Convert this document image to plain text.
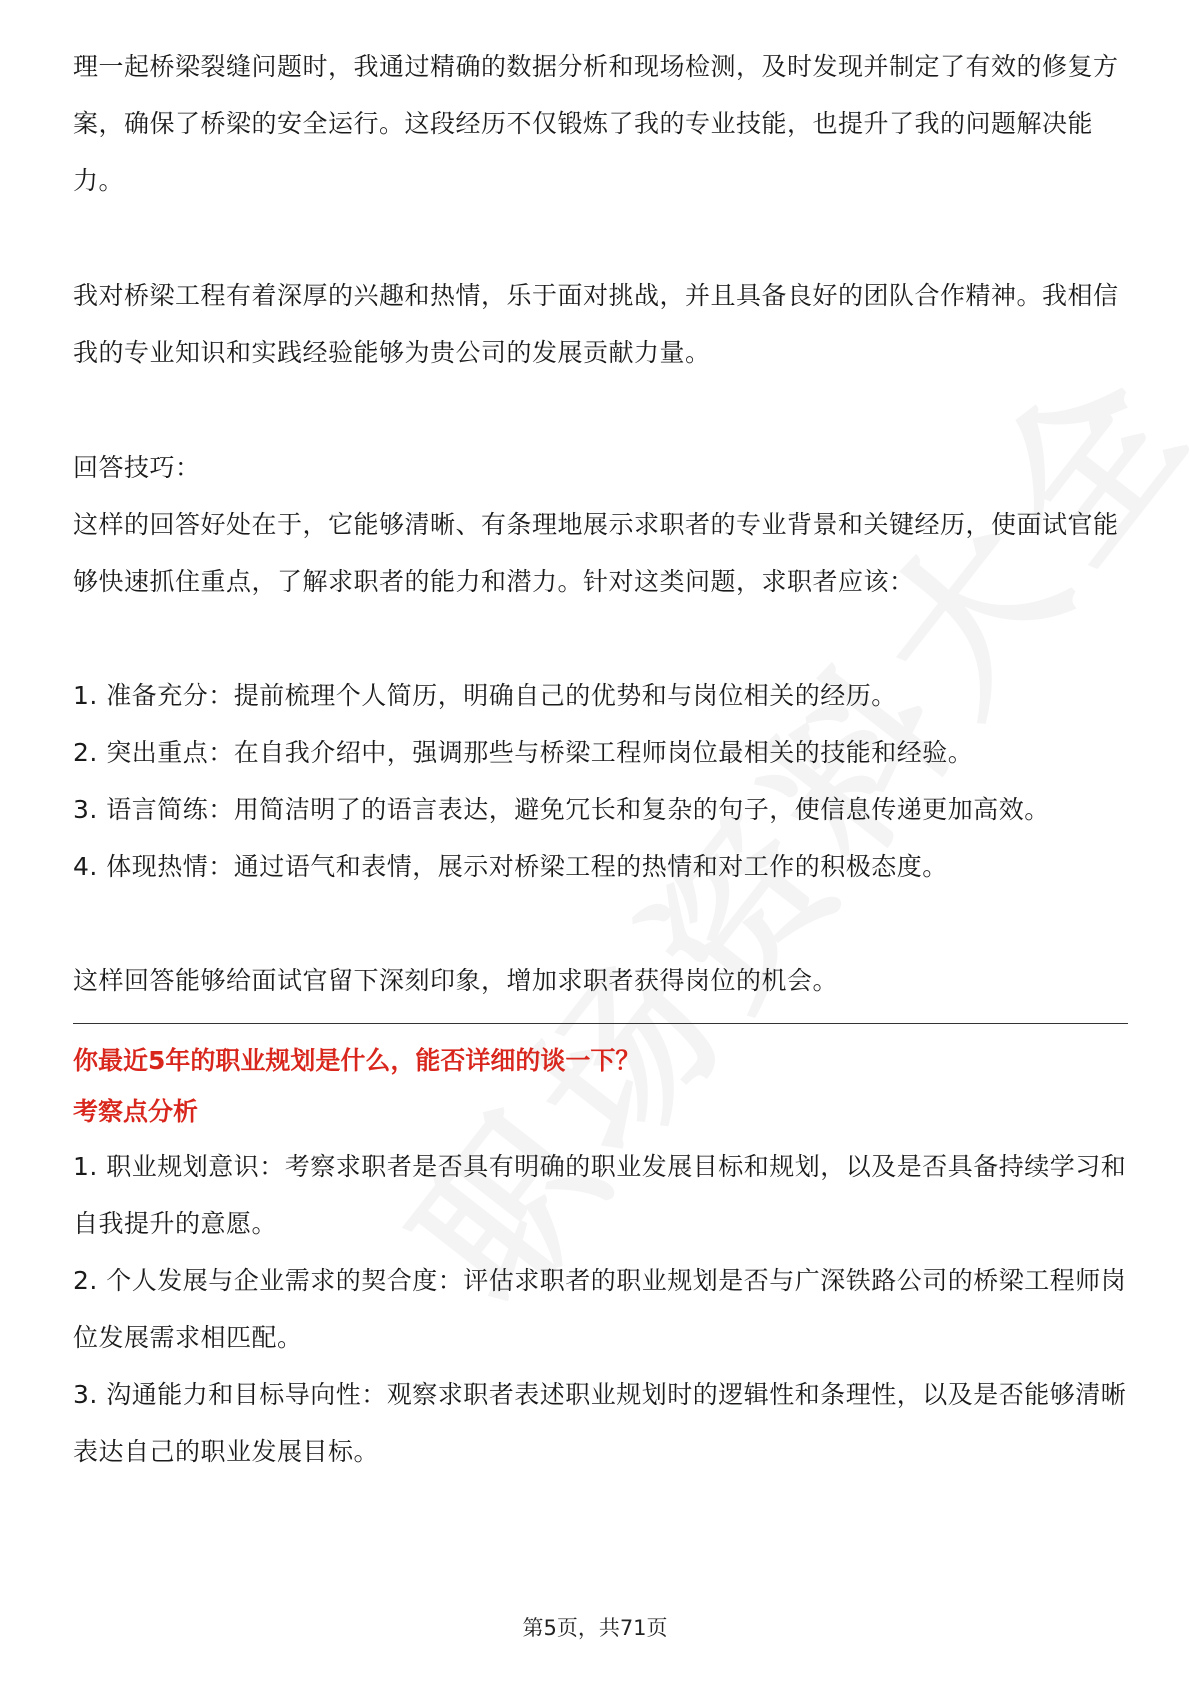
理一起桥梁裂缝问题时，我通过精确的数据分析和现场检测，及时发现并制定了有效的修复方案，确保了桥梁的安全运行。这段经历不仅锻炼了我的专业技能，也提升了我的问题解决能力。

我对桥梁工程有着深厚的兴趣和热情，乐于面对挑战，并且具备良好的团队合作精神。我相信我的专业知识和实践经验能够为贵公司的发展贡献力量。

回答技巧：

这样的回答好处在于，它能够清晰、有条理地展示求职者的专业背景和关键经历，使面试官能够快速抓住重点，了解求职者的能力和潜力。针对这类问题，求职者应该：

1. 准备充分：提前梳理个人简历，明确自己的优势和与岗位相关的经历。

2. 突出重点：在自我介绍中，强调那些与桥梁工程师岗位最相关的技能和经验。

3. 语言简练：用简洁明了的语言表达，避免冗长和复杂的句子，使信息传递更加高效。

4. 体现热情：通过语气和表情，展示对桥梁工程的热情和对工作的积极态度。

这样回答能够给面试官留下深刻印象，增加求职者获得岗位的机会。

你最近5年的职业规划是什么，能否详细的谈一下？

考察点分析

1. 职业规划意识：考察求职者是否具有明确的职业发展目标和规划，以及是否具备持续学习和自我提升的意愿。

2. 个人发展与企业需求的契合度：评估求职者的职业规划是否与广深铁路公司的桥梁工程师岗位发展需求相匹配。

3. 沟通能力和目标导向性：观察求职者表述职业规划时的逻辑性和条理性，以及是否能够清晰表达自己的职业发展目标。

第5页，共71页
